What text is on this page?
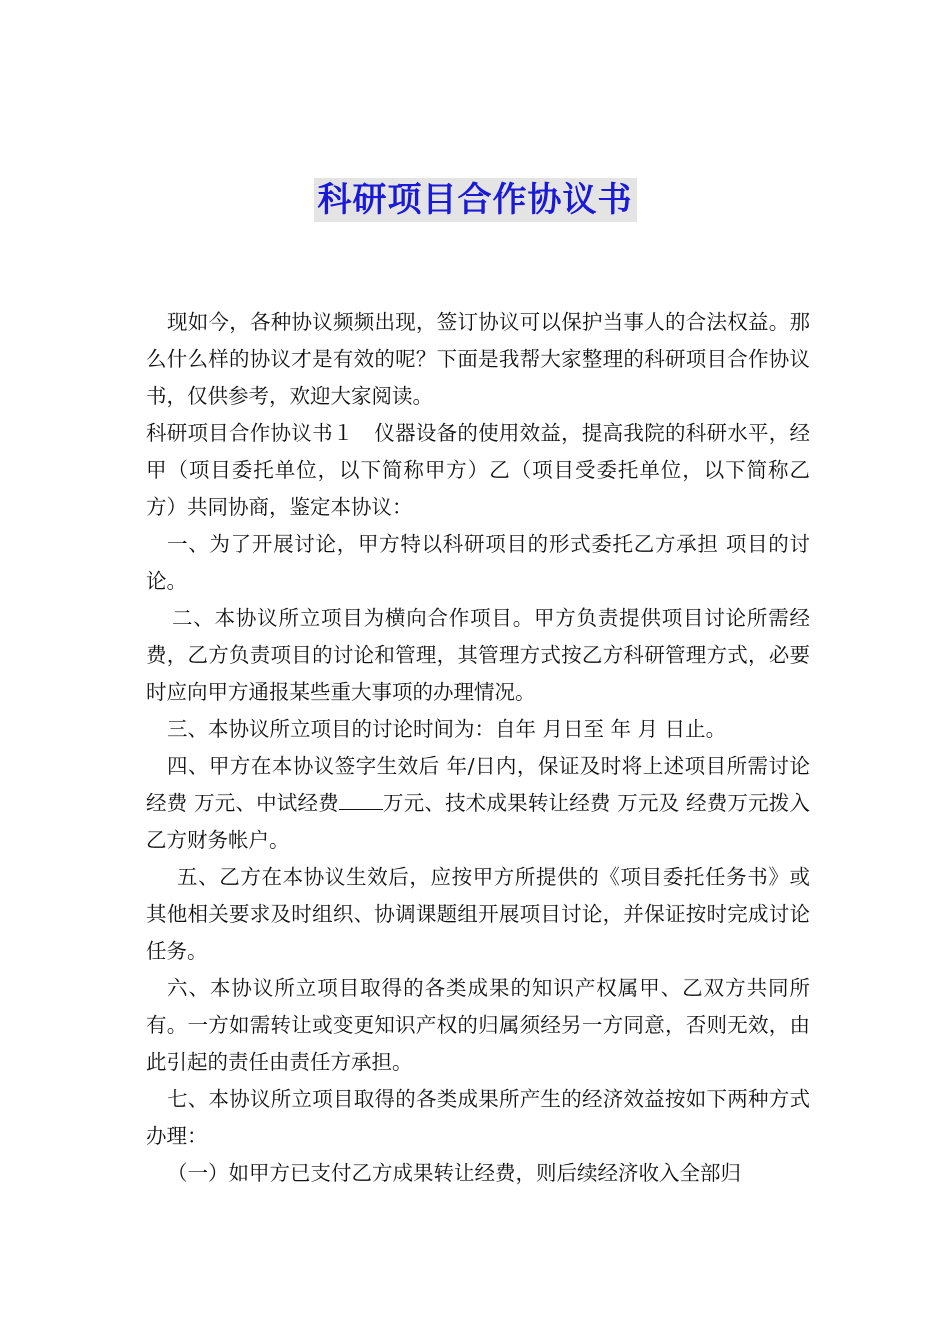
科研项目合作协议书

现如今，各种协议频频出现，签订协议可以保护当事人的合法权益。那么什么样的协议才是有效的呢？下面是我帮大家整理的科研项目合作协议书，仅供参考，欢迎大家阅读。

科研项目合作协议书１　仪器设备的使用效益，提高我院的科研水平，经甲（项目委托单位，以下简称甲方）乙（项目受委托单位，以下简称乙方）共同协商，鉴定本协议：

一、为了开展讨论，甲方特以科研项目的形式委托乙方承担 项目的讨论。

二、本协议所立项目为横向合作项目。甲方负责提供项目讨论所需经费，乙方负责项目的讨论和管理，其管理方式按乙方科研管理方式，必要时应向甲方通报某些重大事项的办理情况。

三、本协议所立项目的讨论时间为：自年 月日至 年 月 日止。

四、甲方在本协议签字生效后 年/日内，保证及时将上述项目所需讨论经费 万元、中试经费 万元、技术成果转让经费 万元及 经费万元拨入乙方财务帐户。

五、乙方在本协议生效后，应按甲方所提供的《项目委托任务书》或其他相关要求及时组织、协调课题组开展项目讨论，并保证按时完成讨论任务。

六、本协议所立项目取得的各类成果的知识产权属甲、乙双方共同所有。一方如需转让或变更知识产权的归属须经另一方同意，否则无效，由此引起的责任由责任方承担。

七、本协议所立项目取得的各类成果所产生的经济效益按如下两种方式办理：

（一）如甲方已支付乙方成果转让经费，则后续经济收入全部归
